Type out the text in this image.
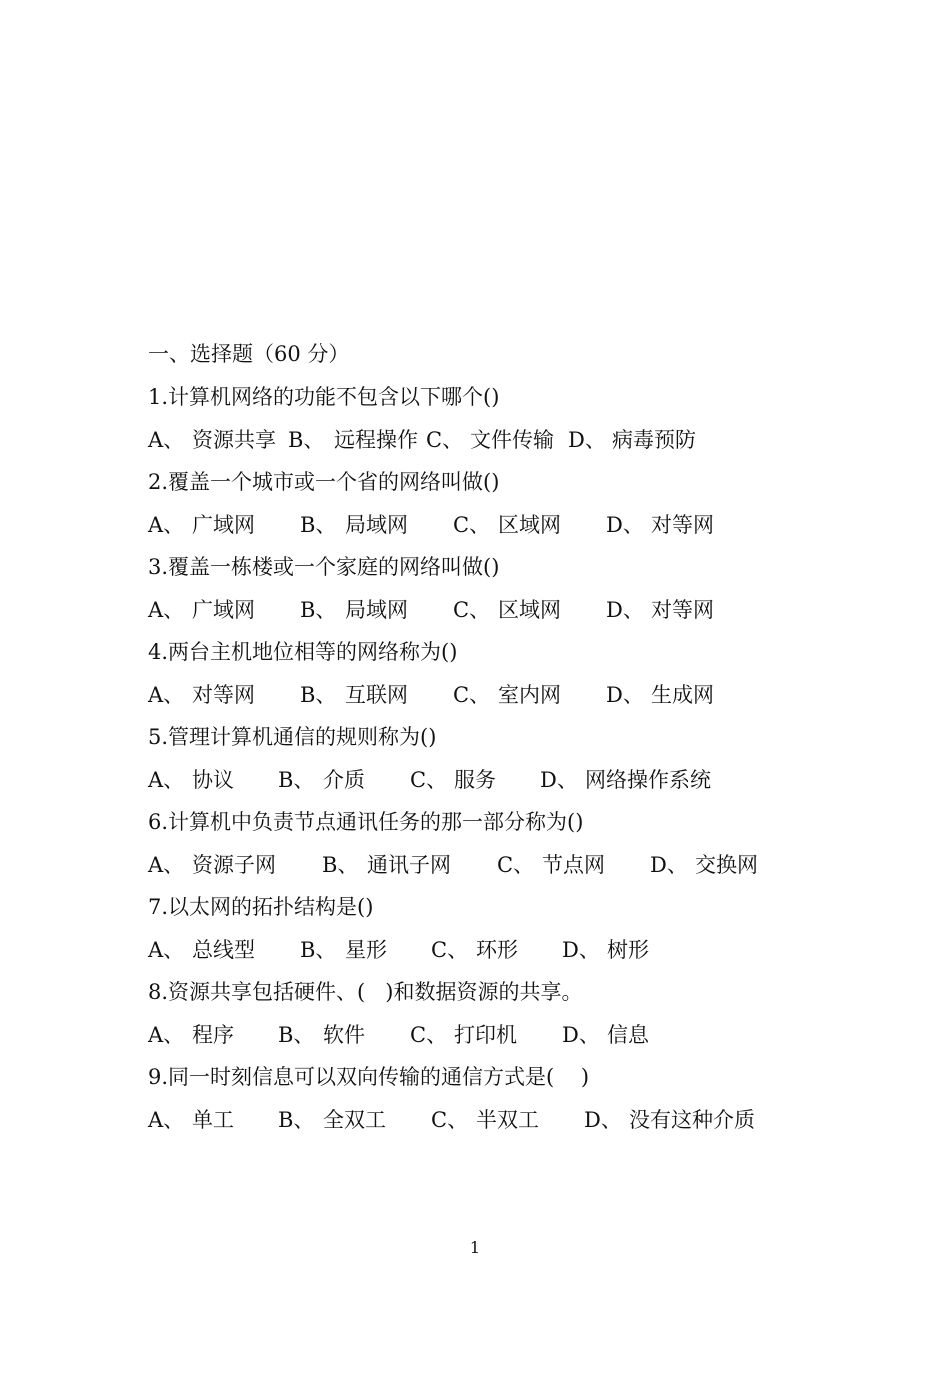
一、选择题（60 分）
1.计算机网络的功能不包含以下哪个()

A、

资源共享

B、

远程操作

C、

文件传输

D、

病毒预防

2.覆盖一个城市或一个省的网络叫做()

A、

广域网

B、

局域网

C、

区域网

D、

对等网

3.覆盖一栋楼或一个家庭的网络叫做()

A、

广域网

B、

局域网

C、

区域网

D、

对等网

4.两台主机地位相等的网络称为()

A、

对等网

B、

互联网

C、

室内网

D、

生成网

5.管理计算机通信的规则称为()

A、

协议

B、

介质

C、

服务

D、

网络操作系统

6.计算机中负责节点通讯任务的那一部分称为()

A、

资源子网

B、

通讯子网

C、

节点网

D、

交换网

7.以太网的拓扑结构是()

A、

总线型

B、

星形

C、

环形

D、

树形

8.资源共享包括硬件、(   )和数据资源的共享。

A、

程序

B、

软件

C、

打印机

D、

信息

9.同一时刻信息可以双向传输的通信方式是(    )

A、

单工

B、

全双工

C、

半双工

D、

没有这种介质

1
